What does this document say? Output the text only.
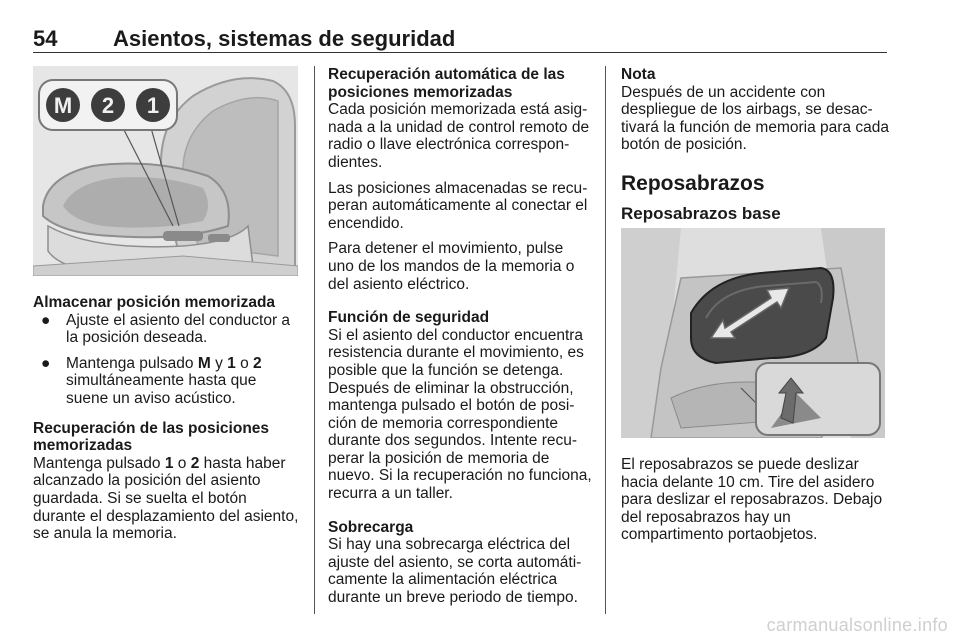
54	Asientos, sistemas de seguridad
M 2 1

Almacenar posición memorizada

● Ajuste el asiento del conductor a la posición deseada.
● Mantenga pulsado M y 1 o 2 simultáneamente hasta que suene un aviso acústico.

Recuperación de las posiciones memorizadas

Mantenga pulsado 1 o 2 hasta haber alcanzado la posición del asiento guardada. Si se suelta el botón durante el desplazamiento del asiento, se anula la memoria.

Recuperación automática de las posiciones memorizadas

Cada posición memorizada está asignada a la unidad de control remoto de radio o llave electrónica correspondientes.

Las posiciones almacenadas se recuperan automáticamente al conectar el encendido.

Para detener el movimiento, pulse uno de los mandos de la memoria o del asiento eléctrico.

Función de seguridad

Si el asiento del conductor encuentra resistencia durante el movimiento, es posible que la función se detenga. Después de eliminar la obstrucción, mantenga pulsado el botón de posición de memoria correspondiente durante dos segundos. Intente recuperar la posición de memoria de nuevo. Si la recuperación no funciona, recurra a un taller.

Sobrecarga

Si hay una sobrecarga eléctrica del ajuste del asiento, se corta automáticamente la alimentación eléctrica durante un breve periodo de tiempo.

Nota

Después de un accidente con despliegue de los airbags, se desactivará la función de memoria para cada botón de posición.

Reposabrazos
Reposabrazos base

El reposabrazos se puede deslizar hacia delante 10 cm. Tire del asidero para deslizar el reposabrazos. Debajo del reposabrazos hay un compartimento portaobjetos.

carmanualsonline.info
